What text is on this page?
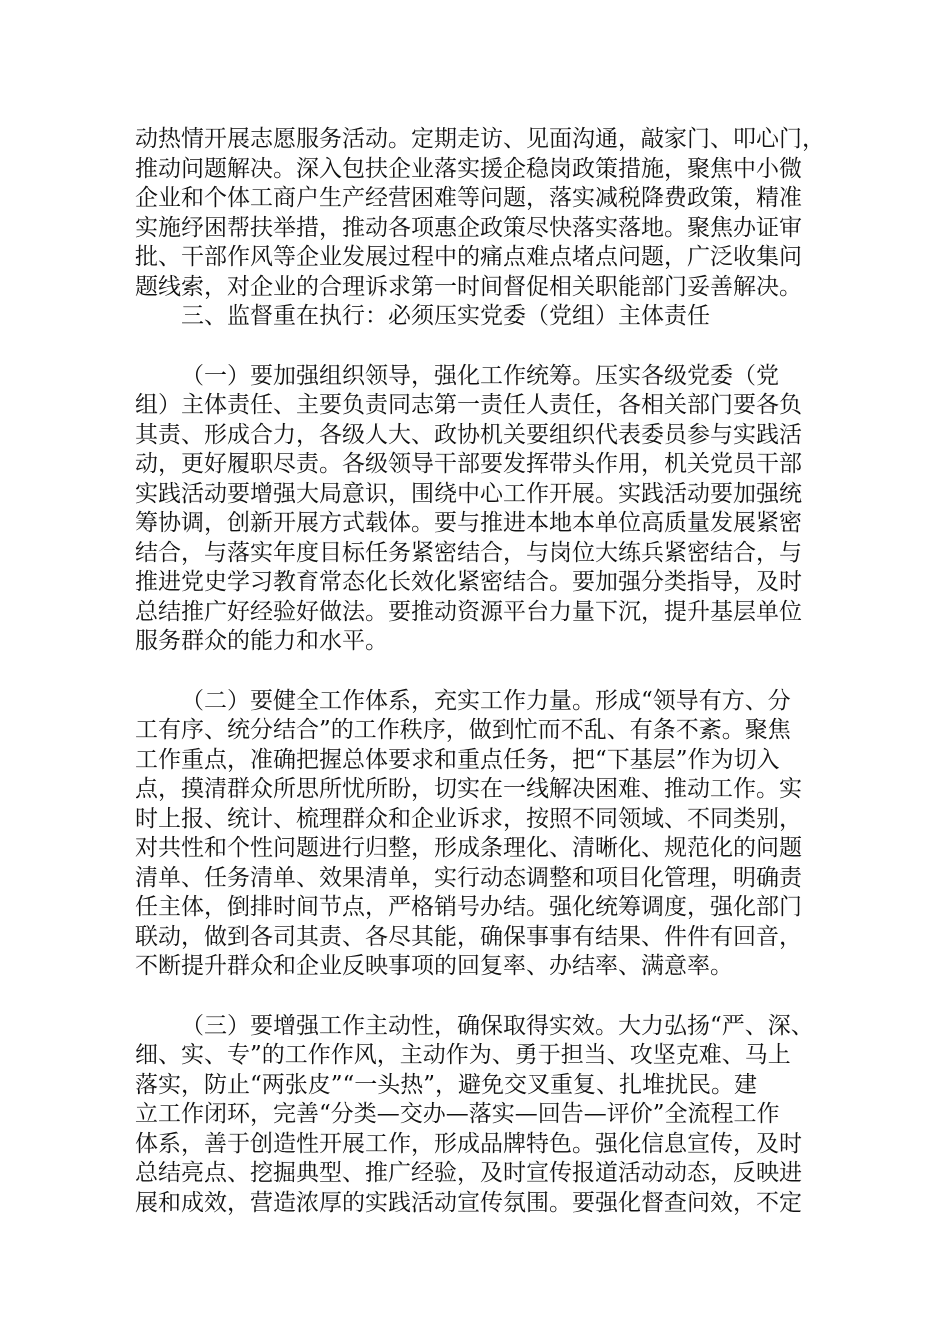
动热情开展志愿服务活动。定期走访、见面沟通，敲家门、叩心门，
推动问题解决。深入包扶企业落实援企稳岗政策措施，聚焦中小微
企业和个体工商户生产经营困难等问题，落实减税降费政策，精准
实施纾困帮扶举措，推动各项惠企政策尽快落实落地。聚焦办证审
批、干部作风等企业发展过程中的痛点难点堵点问题，广泛收集问
题线索，对企业的合理诉求第一时间督促相关职能部门妥善解决。
三、监督重在执行：必须压实党委（党组）主体责任
（一）要加强组织领导，强化工作统筹。压实各级党委（党
组）主体责任、主要负责同志第一责任人责任，各相关部门要各负
其责、形成合力，各级人大、政协机关要组织代表委员参与实践活
动，更好履职尽责。各级领导干部要发挥带头作用，机关党员干部
实践活动要增强大局意识，围绕中心工作开展。实践活动要加强统
筹协调，创新开展方式载体。要与推进本地本单位高质量发展紧密
结合，与落实年度目标任务紧密结合，与岗位大练兵紧密结合，与
推进党史学习教育常态化长效化紧密结合。要加强分类指导，及时
总结推广好经验好做法。要推动资源平台力量下沉，提升基层单位
服务群众的能力和水平。
（二）要健全工作体系，充实工作力量。形成“领导有方、分
工有序、统分结合”的工作秩序，做到忙而不乱、有条不紊。聚焦
工作重点，准确把握总体要求和重点任务，把“下基层”作为切入
点，摸清群众所思所忧所盼，切实在一线解决困难、推动工作。实
时上报、统计、梳理群众和企业诉求，按照不同领域、不同类别，
对共性和个性问题进行归整，形成条理化、清晰化、规范化的问题
清单、任务清单、效果清单，实行动态调整和项目化管理，明确责
任主体，倒排时间节点，严格销号办结。强化统筹调度，强化部门
联动，做到各司其责、各尽其能，确保事事有结果、件件有回音，
不断提升群众和企业反映事项的回复率、办结率、满意率。
（三）要增强工作主动性，确保取得实效。大力弘扬“严、深、
细、实、专”的工作作风，主动作为、勇于担当、攻坚克难、马上
落实，防止“两张皮”“一头热”，避免交叉重复、扎堆扰民。建
立工作闭环，完善“分类—交办—落实—回告—评价”全流程工作
体系，善于创造性开展工作，形成品牌特色。强化信息宣传，及时
总结亮点、挖掘典型、推广经验，及时宣传报道活动动态，反映进
展和成效，营造浓厚的实践活动宣传氛围。要强化督查问效，不定
